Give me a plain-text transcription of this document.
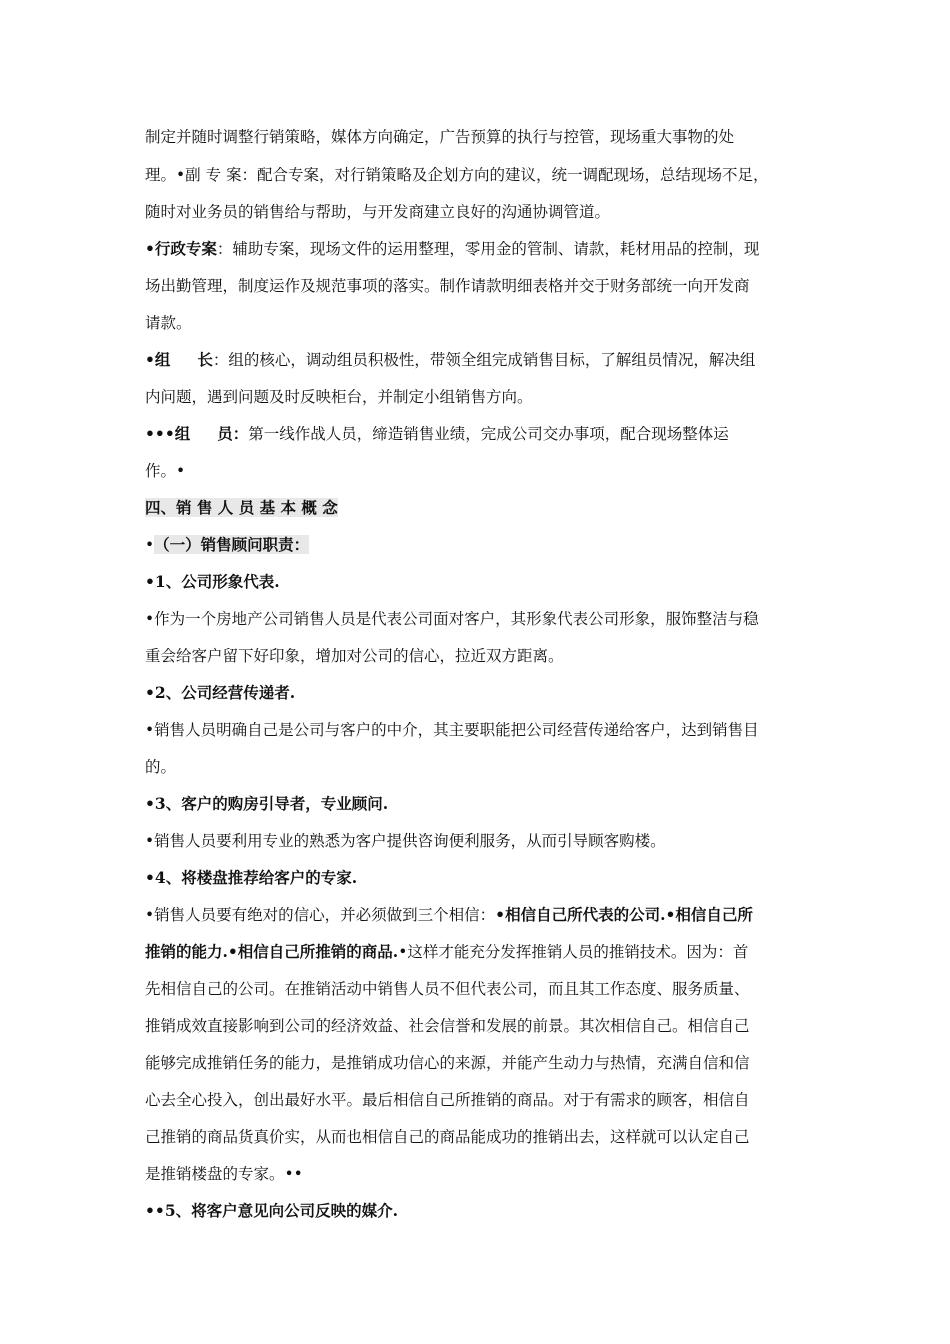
制定并随时调整行销策略，媒体方向确定，广告预算的执行与控管，现场重大事物的处
理。•副 专 案：配合专案，对行销策略及企划方向的建议，统一调配现场，总结现场不足，
随时对业务员的销售给与帮助，与开发商建立良好的沟通协调管道。
•行政专案：辅助专案，现场文件的运用整理，零用金的管制、请款，耗材用品的控制，现
场出勤管理，制度运作及规范事项的落实。制作请款明细表格并交于财务部统一向开发商
请款。
•组     长：组的核心，调动组员积极性，带领全组完成销售目标，了解组员情况，解决组
内问题，遇到问题及时反映柜台，并制定小组销售方向。
•••组     员：第一线作战人员，缔造销售业绩，完成公司交办事项，配合现场整体运
作。•
四、销 售 人 员 基 本 概 念
•（一）销售顾问职责：
•1、公司形象代表.
•作为一个房地产公司销售人员是代表公司面对客户，其形象代表公司形象，服饰整洁与稳
重会给客户留下好印象，增加对公司的信心，拉近双方距离。
•2、公司经营传递者.
•销售人员明确自己是公司与客户的中介，其主要职能把公司经营传递给客户，达到销售目
的。
•3、客户的购房引导者，专业顾问.
•销售人员要利用专业的熟悉为客户提供咨询便利服务，从而引导顾客购楼。
•4、将楼盘推荐给客户的专家.
•销售人员要有绝对的信心，并必须做到三个相信：•相信自己所代表的公司.•相信自己所
推销的能力.•相信自己所推销的商品.•这样才能充分发挥推销人员的推销技术。因为：首
先相信自己的公司。在推销活动中销售人员不但代表公司，而且其工作态度、服务质量、
推销成效直接影响到公司的经济效益、社会信誉和发展的前景。其次相信自己。相信自己
能够完成推销任务的能力，是推销成功信心的来源，并能产生动力与热情，充满自信和信
心去全心投入，创出最好水平。最后相信自己所推销的商品。对于有需求的顾客，相信自
己推销的商品货真价实，从而也相信自己的商品能成功的推销出去，这样就可以认定自己
是推销楼盘的专家。••
••5、将客户意见向公司反映的媒介.
